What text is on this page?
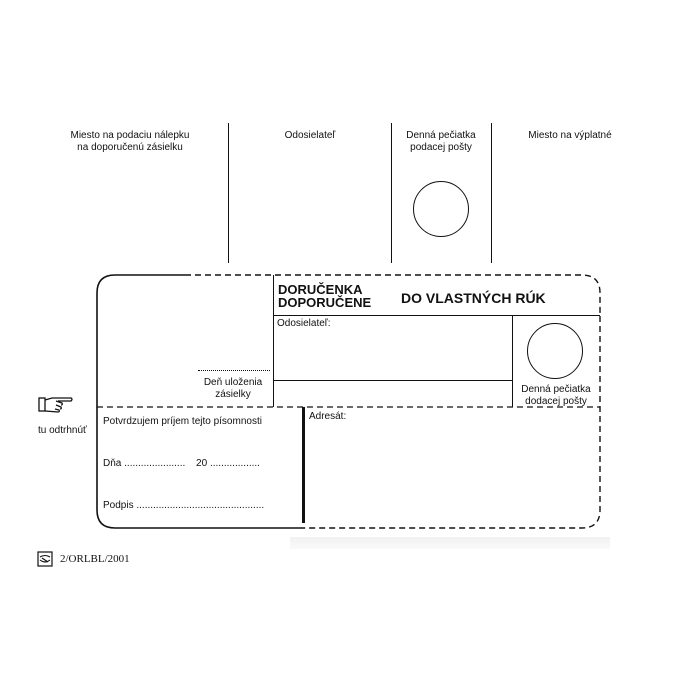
Miesto na podaciu nálepku
na doporučenú zásielku
Odosielateľ	Denná pečiatka
podacej pošty
Miesto na výplatné
tu odtrhnúť
DORUČENKA
DOPORUČENE DO VLASTNÝCH RÚK
Odosielateľ:
Deň uloženia
zásielky	Denná pečiatka
dodacej pošty
Potvrdzujem príjem tejto písomnosti
Dňa ...................... 20 ..................
Podpis ..............................................
Adresát:
2/ORLBL/2001
